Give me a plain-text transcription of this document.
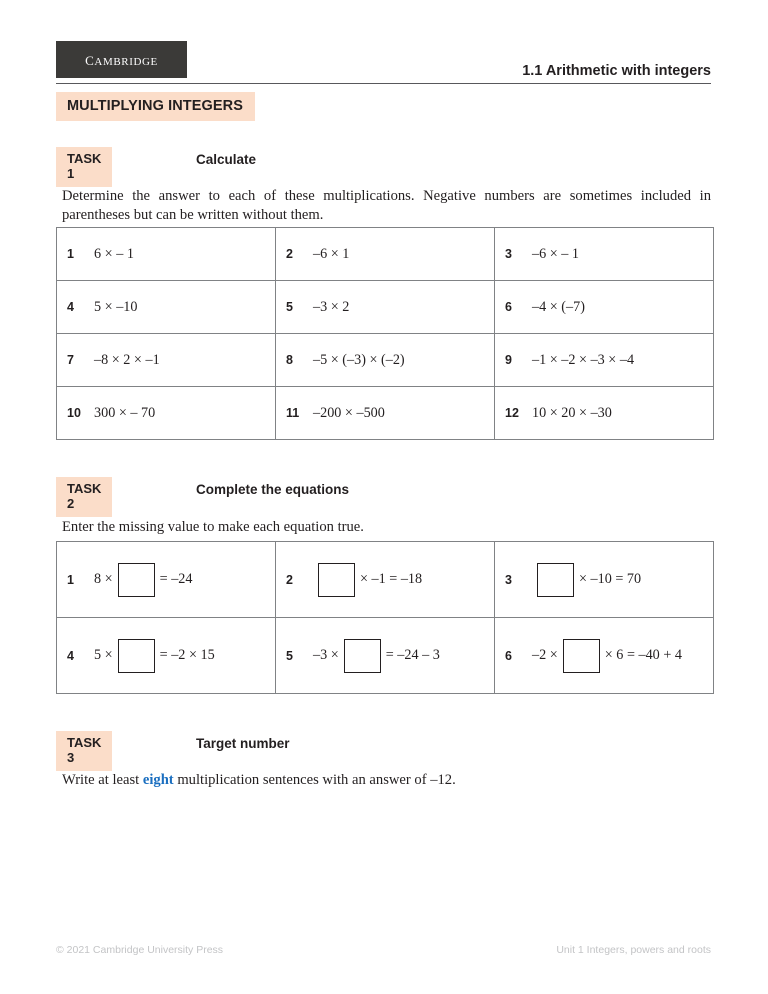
cambridge
1.1 Arithmetic with integers
MULTIPLYING INTEGERS
TASK 1
Calculate
Determine the answer to each of these multiplications. Negative numbers are sometimes included in parentheses but can be written without them.
1 6 × – 1	2 –6 × 1	3 –6 × – 1

4 5 × –10	5 –3 × 2	6 –4 × (–7)

7 –8 × 2 × –1	8 –5 × (–3) × (–2)	9 –1 × –2 × –3 × –4

10 300 × – 70	11 –200 × –500	12 10 × 20 × –30
TASK 2
Complete the equations
Enter the missing value to make each equation true.
1 8 × = –24	2 × –1 = –18	3 × –10 = 70

4 5 × = –2 × 15	5 –3 × = –24 – 3	6 –2 × × 6 = –40 + 4
TASK 3
Target number
Write at least eight multiplication sentences with an answer of –12.
© 2021 Cambridge University Press	Unit 1 Integers, powers and roots
